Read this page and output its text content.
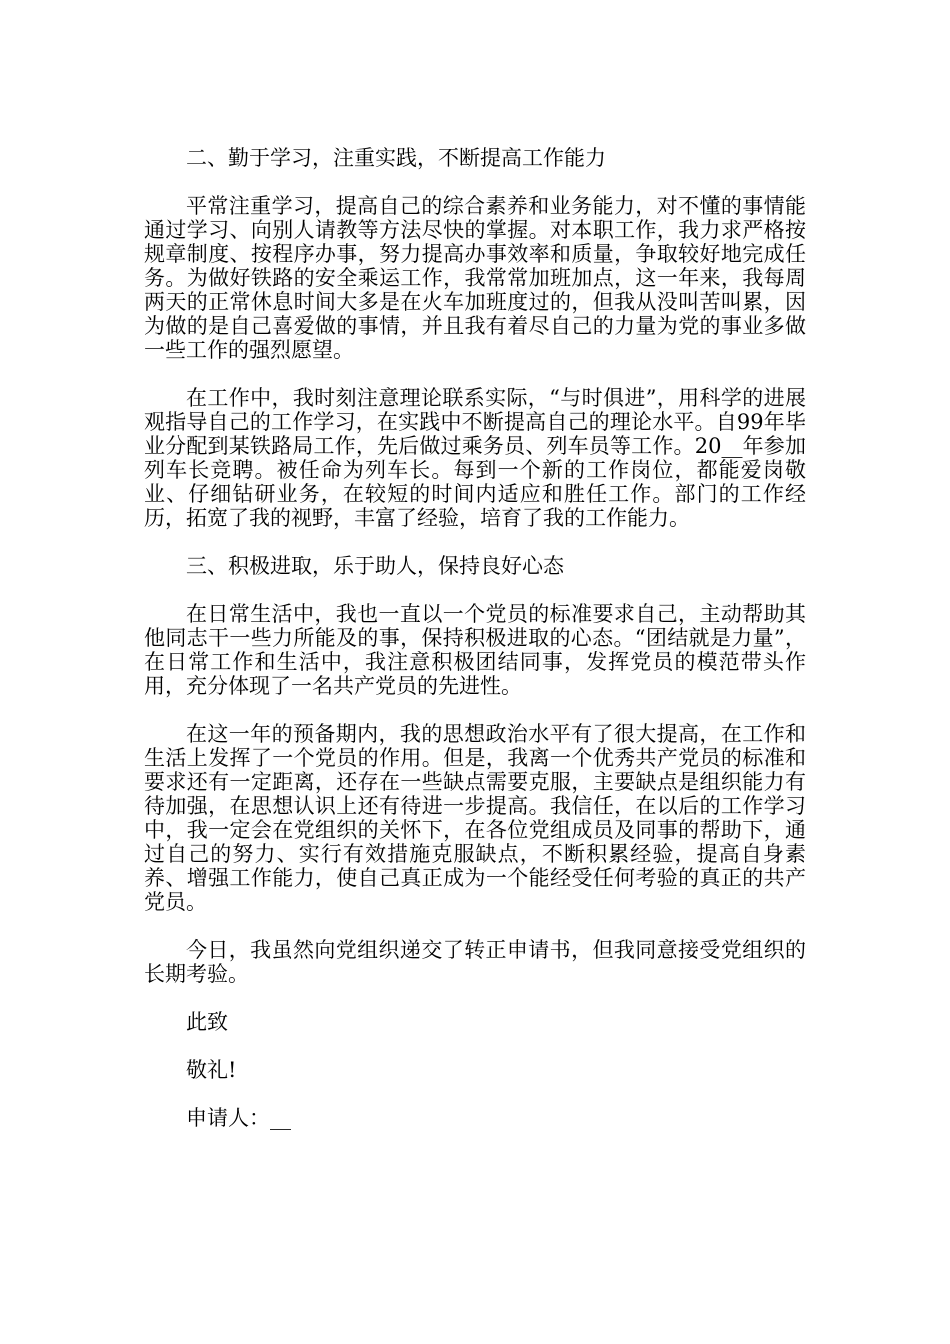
二、勤于学习，注重实践，不断提高工作能力

平常注重学习，提高自己的综合素养和业务能力，对不懂的事情能通过学习、向别人请教等方法尽快的掌握。对本职工作，我力求严格按规章制度、按程序办事，努力提高办事效率和质量，争取较好地完成任务。为做好铁路的安全乘运工作，我常常加班加点，这一年来，我每周两天的正常休息时间大多是在火车加班度过的，但我从没叫苦叫累，因为做的是自己喜爱做的事情，并且我有着尽自己的力量为党的事业多做一些工作的强烈愿望。

在工作中，我时刻注意理论联系实际，“与时俱进”，用科学的进展观指导自己的工作学习，在实践中不断提高自己的理论水平。自99年毕业分配到某铁路局工作，先后做过乘务员、列车员等工作。20__年参加列车长竞聘。被任命为列车长。每到一个新的工作岗位，都能爱岗敬业、仔细钻研业务，在较短的时间内适应和胜任工作。部门的工作经历，拓宽了我的视野，丰富了经验，培育了我的工作能力。

三、积极进取，乐于助人，保持良好心态

在日常生活中，我也一直以一个党员的标准要求自己，主动帮助其他同志干一些力所能及的事，保持积极进取的心态。“团结就是力量”，在日常工作和生活中，我注意积极团结同事，发挥党员的模范带头作用，充分体现了一名共产党员的先进性。

在这一年的预备期内，我的思想政治水平有了很大提高，在工作和生活上发挥了一个党员的作用。但是，我离一个优秀共产党员的标准和要求还有一定距离，还存在一些缺点需要克服，主要缺点是组织能力有待加强，在思想认识上还有待进一步提高。我信任，在以后的工作学习中，我一定会在党组织的关怀下，在各位党组成员及同事的帮助下，通过自己的努力、实行有效措施克服缺点，不断积累经验，提高自身素养、增强工作能力，使自己真正成为一个能经受任何考验的真正的共产党员。

今日，我虽然向党组织递交了转正申请书，但我同意接受党组织的长期考验。

此致

敬礼!

申请人：__
